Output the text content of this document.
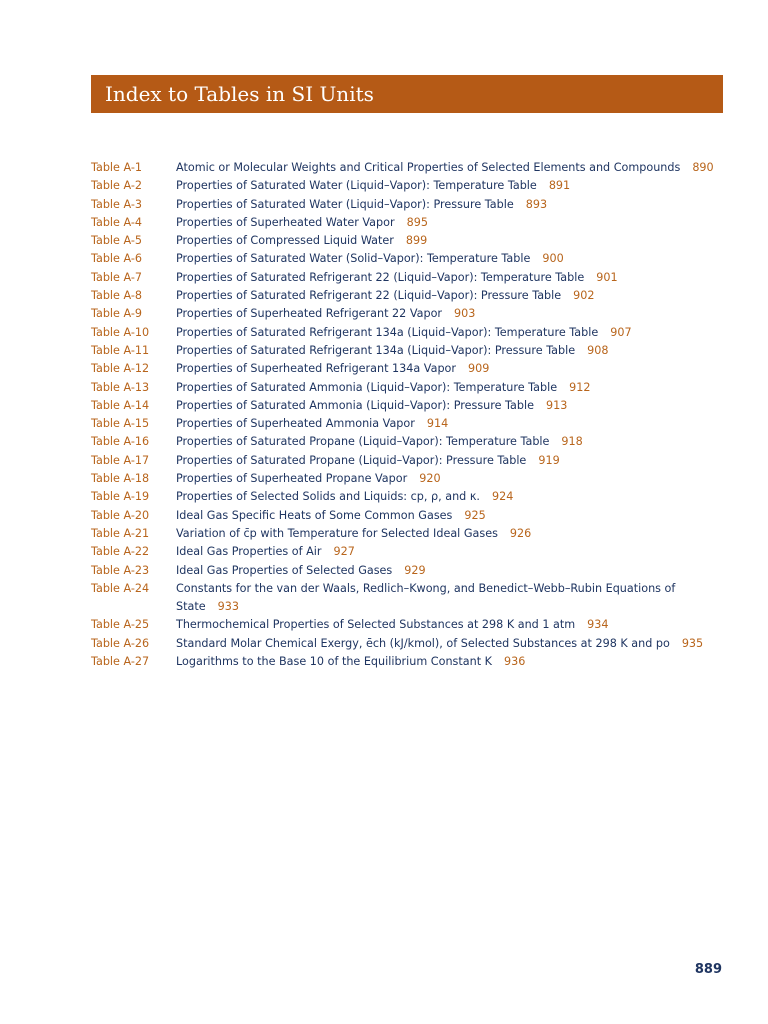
Index to Tables in SI Units
Table A-1	Atomic or Molecular Weights and Critical Properties of Selected Elements and Compounds 890
Table A-2	Properties of Saturated Water (Liquid–Vapor): Temperature Table 891
Table A-3	Properties of Saturated Water (Liquid–Vapor): Pressure Table 893
Table A-4	Properties of Superheated Water Vapor 895
Table A-5	Properties of Compressed Liquid Water 899
Table A-6	Properties of Saturated Water (Solid–Vapor): Temperature Table 900
Table A-7	Properties of Saturated Refrigerant 22 (Liquid–Vapor): Temperature Table 901
Table A-8	Properties of Saturated Refrigerant 22 (Liquid–Vapor): Pressure Table 902
Table A-9	Properties of Superheated Refrigerant 22 Vapor 903
Table A-10	Properties of Saturated Refrigerant 134a (Liquid–Vapor): Temperature Table 907
Table A-11	Properties of Saturated Refrigerant 134a (Liquid–Vapor): Pressure Table 908
Table A-12	Properties of Superheated Refrigerant 134a Vapor 909
Table A-13	Properties of Saturated Ammonia (Liquid–Vapor): Temperature Table 912
Table A-14	Properties of Saturated Ammonia (Liquid–Vapor): Pressure Table 913
Table A-15	Properties of Superheated Ammonia Vapor 914
Table A-16	Properties of Saturated Propane (Liquid–Vapor): Temperature Table 918
Table A-17	Properties of Saturated Propane (Liquid–Vapor): Pressure Table 919
Table A-18	Properties of Superheated Propane Vapor 920
Table A-19	Properties of Selected Solids and Liquids: cp, ρ, and κ. 924
Table A-20	Ideal Gas Specific Heats of Some Common Gases 925
Table A-21	Variation of c̄p with Temperature for Selected Ideal Gases 926
Table A-22	Ideal Gas Properties of Air 927
Table A-23	Ideal Gas Properties of Selected Gases 929
Table A-24	Constants for the van der Waals, Redlich–Kwong, and Benedict–Webb–Rubin Equations of State 933
Table A-25	Thermochemical Properties of Selected Substances at 298 K and 1 atm 934
Table A-26	Standard Molar Chemical Exergy, ēch (kJ/kmol), of Selected Substances at 298 K and po 935
Table A-27	Logarithms to the Base 10 of the Equilibrium Constant K 936
889
